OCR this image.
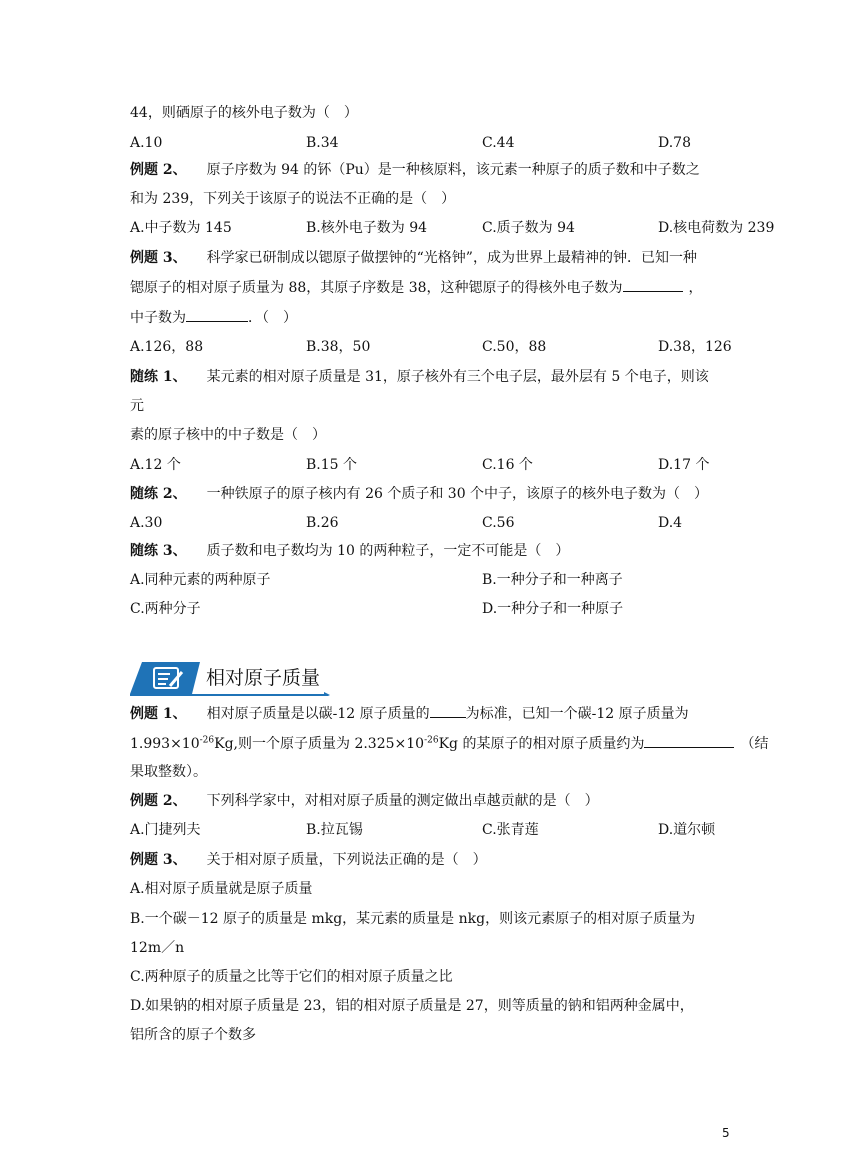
44，则硒原子的核外电子数为（　）
A.10	B.34	C.44	D.78
例题 2、 原子序数为 94 的钚（Pu）是一种核原料，该元素一种原子的质子数和中子数之
和为 239，下列关于该原子的说法不正确的是（　）
A.中子数为 145	B.核外电子数为 94	C.质子数为 94	D.核电荷数为 239
例题 3、 科学家已研制成以锶原子做摆钟的“光格钟”，成为世界上最精神的钟．已知一种
锶原子的相对原子质量为 88，其原子序数是 38，这种锶原子的得核外电子数为	，
中子数为	．（　）
A.126，88	B.38，50	C.50，88	D.38，126
随练 1、 某元素的相对原子质量是 31，原子核外有三个电子层，最外层有 5 个电子，则该
元
素的原子核中的中子数是（　）
A.12 个	B.15 个	C.16 个	D.17 个
随练 2、 一种铁原子的原子核内有 26 个质子和 30 个中子，该原子的核外电子数为（　）
A.30	B.26	C.56	D.4
随练 3、 质子数和电子数均为 10 的两种粒子，一定不可能是（　）
A.同种元素的两种原子	B.一种分子和一种离子
C.两种分子	D.一种分子和一种原子
相对原子质量
例题 1、 相对原子质量是以碳-12 原子质量的	为标准，已知一个碳-12 原子质量为
$1.993\times 10^{-26}Kg$,则一个原子质量为 $2.325\times 10^{-26}Kg$ 的某原子的相对原子质量约为	（结
果取整数）。
例题 2、 下列科学家中，对相对原子质量的测定做出卓越贡献的是（　）
A.门捷列夫	B.拉瓦锡	C.张青莲	D.道尔顿
例题 3、 关于相对原子质量，下列说法正确的是（　）
A.相对原子质量就是原子质量
B.一个碳－12 原子的质量是 mkg，某元素的质量是 nkg，则该元素原子的相对原子质量为
12m／n
C.两种原子的质量之比等于它们的相对原子质量之比
D.如果钠的相对原子质量是 23，铝的相对原子质量是 27，则等质量的钠和铝两种金属中，
铝所含的原子个数多
5
